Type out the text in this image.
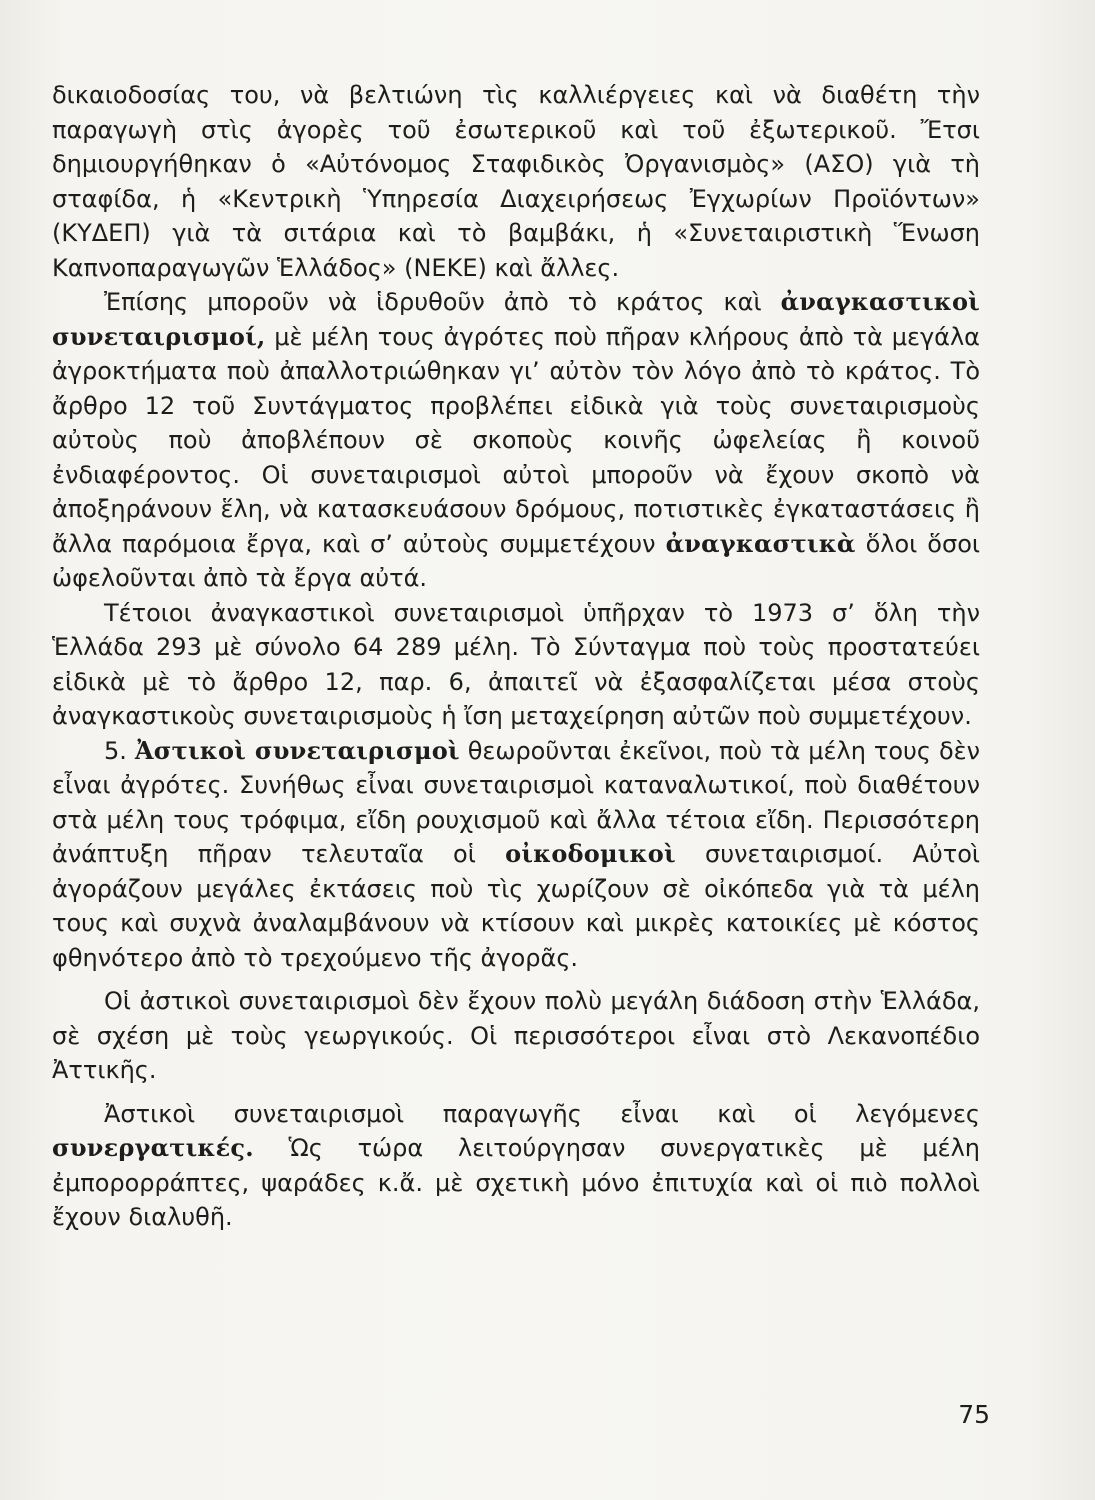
δικαιοδοσίας του, νὰ βελτιώνη τὶς καλλιέργειες καὶ νὰ διαθέτη τὴν παραγωγὴ στὶς ἀγορὲς τοῦ ἐσωτερικοῦ καὶ τοῦ ἐξωτερικοῦ. Ἔτσι δημιουργήθηκαν ὁ «Αὐτόνομος Σταφιδικὸς Ὀργανισμὸς» (ΑΣΟ) γιὰ τὴ σταφίδα, ἡ «Κεντρικὴ Ὑπηρεσία Διαχειρήσεως Ἐγχωρίων Προϊόντων» (ΚΥΔΕΠ) γιὰ τὰ σιτάρια καὶ τὸ βαμβάκι, ἡ «Συνεταιριστικὴ Ἕνωση Καπνοπαραγωγῶν Ἑλλάδος» (ΝΕΚΕ) καὶ ἄλλες.

Ἐπίσης μποροῦν νὰ ἱδρυθοῦν ἀπὸ τὸ κράτος καὶ ἀναγκαστικοὶ συνεταιρισμοί, μὲ μέλη τους ἀγρότες ποὺ πῆραν κλήρους ἀπὸ τὰ μεγάλα ἀγροκτήματα ποὺ ἀπαλλοτριώθηκαν γι’ αὐτὸν τὸν λόγο ἀπὸ τὸ κράτος. Τὸ ἄρθρο 12 τοῦ Συντάγματος προβλέπει εἰδικὰ γιὰ τοὺς συνεταιρισμοὺς αὐτοὺς ποὺ ἀποβλέπουν σὲ σκοποὺς κοινῆς ὠφελείας ἢ κοινοῦ ἐνδιαφέροντος. Οἱ συνεταιρισμοὶ αὐτοὶ μποροῦν νὰ ἔχουν σκοπὸ νὰ ἀποξηράνουν ἕλη, νὰ κατασκευάσουν δρόμους, ποτιστικὲς ἐγκαταστάσεις ἢ ἄλλα παρόμοια ἔργα, καὶ σ’ αὐτοὺς συμμετέχουν ἀναγκαστικὰ ὅλοι ὅσοι ὠφελοῦνται ἀπὸ τὰ ἔργα αὐτά.

Τέτοιοι ἀναγκαστικοὶ συνεταιρισμοὶ ὑπῆρχαν τὸ 1973 σ’ ὅλη τὴν Ἑλλάδα 293 μὲ σύνολο 64 289 μέλη. Τὸ Σύνταγμα ποὺ τοὺς προστατεύει εἰδικὰ μὲ τὸ ἄρθρο 12, παρ. 6, ἀπαιτεῖ νὰ ἐξασφαλίζεται μέσα στοὺς ἀναγκαστικοὺς συνεταιρισμοὺς ἡ ἴση μεταχείρηση αὐτῶν ποὺ συμμετέχουν.

5. Ἀστικοὶ συνεταιρισμοὶ θεωροῦνται ἐκεῖνοι, ποὺ τὰ μέλη τους δὲν εἶναι ἀγρότες. Συνήθως εἶναι συνεταιρισμοὶ καταναλωτικοί, ποὺ διαθέτουν στὰ μέλη τους τρόφιμα, εἴδη ρουχισμοῦ καὶ ἄλλα τέτοια εἴδη. Περισσότερη ἀνάπτυξη πῆραν τελευταῖα οἱ οἰκοδομικοὶ συνεταιρισμοί. Αὐτοὶ ἀγοράζουν μεγάλες ἐκτάσεις ποὺ τὶς χωρίζουν σὲ οἰκόπεδα γιὰ τὰ μέλη τους καὶ συχνὰ ἀναλαμβάνουν νὰ κτίσουν καὶ μικρὲς κατοικίες μὲ κόστος φθηνότερο ἀπὸ τὸ τρεχούμενο τῆς ἀγορᾶς.

Οἱ ἀστικοὶ συνεταιρισμοὶ δὲν ἔχουν πολὺ μεγάλη διάδοση στὴν Ἑλλάδα, σὲ σχέση μὲ τοὺς γεωργικούς. Οἱ περισσότεροι εἶναι στὸ Λεκανοπέδιο Ἀττικῆς.

Ἀστικοὶ συνεταιρισμοὶ παραγωγῆς εἶναι καὶ οἱ λεγόμενες συνεργατικές. Ὡς τώρα λειτούργησαν συνεργατικὲς μὲ μέλη ἐμπορορράπτες, ψαράδες κ.ἄ. μὲ σχετικὴ μόνο ἐπιτυχία καὶ οἱ πιὸ πολλοὶ ἔχουν διαλυθῆ.

75
